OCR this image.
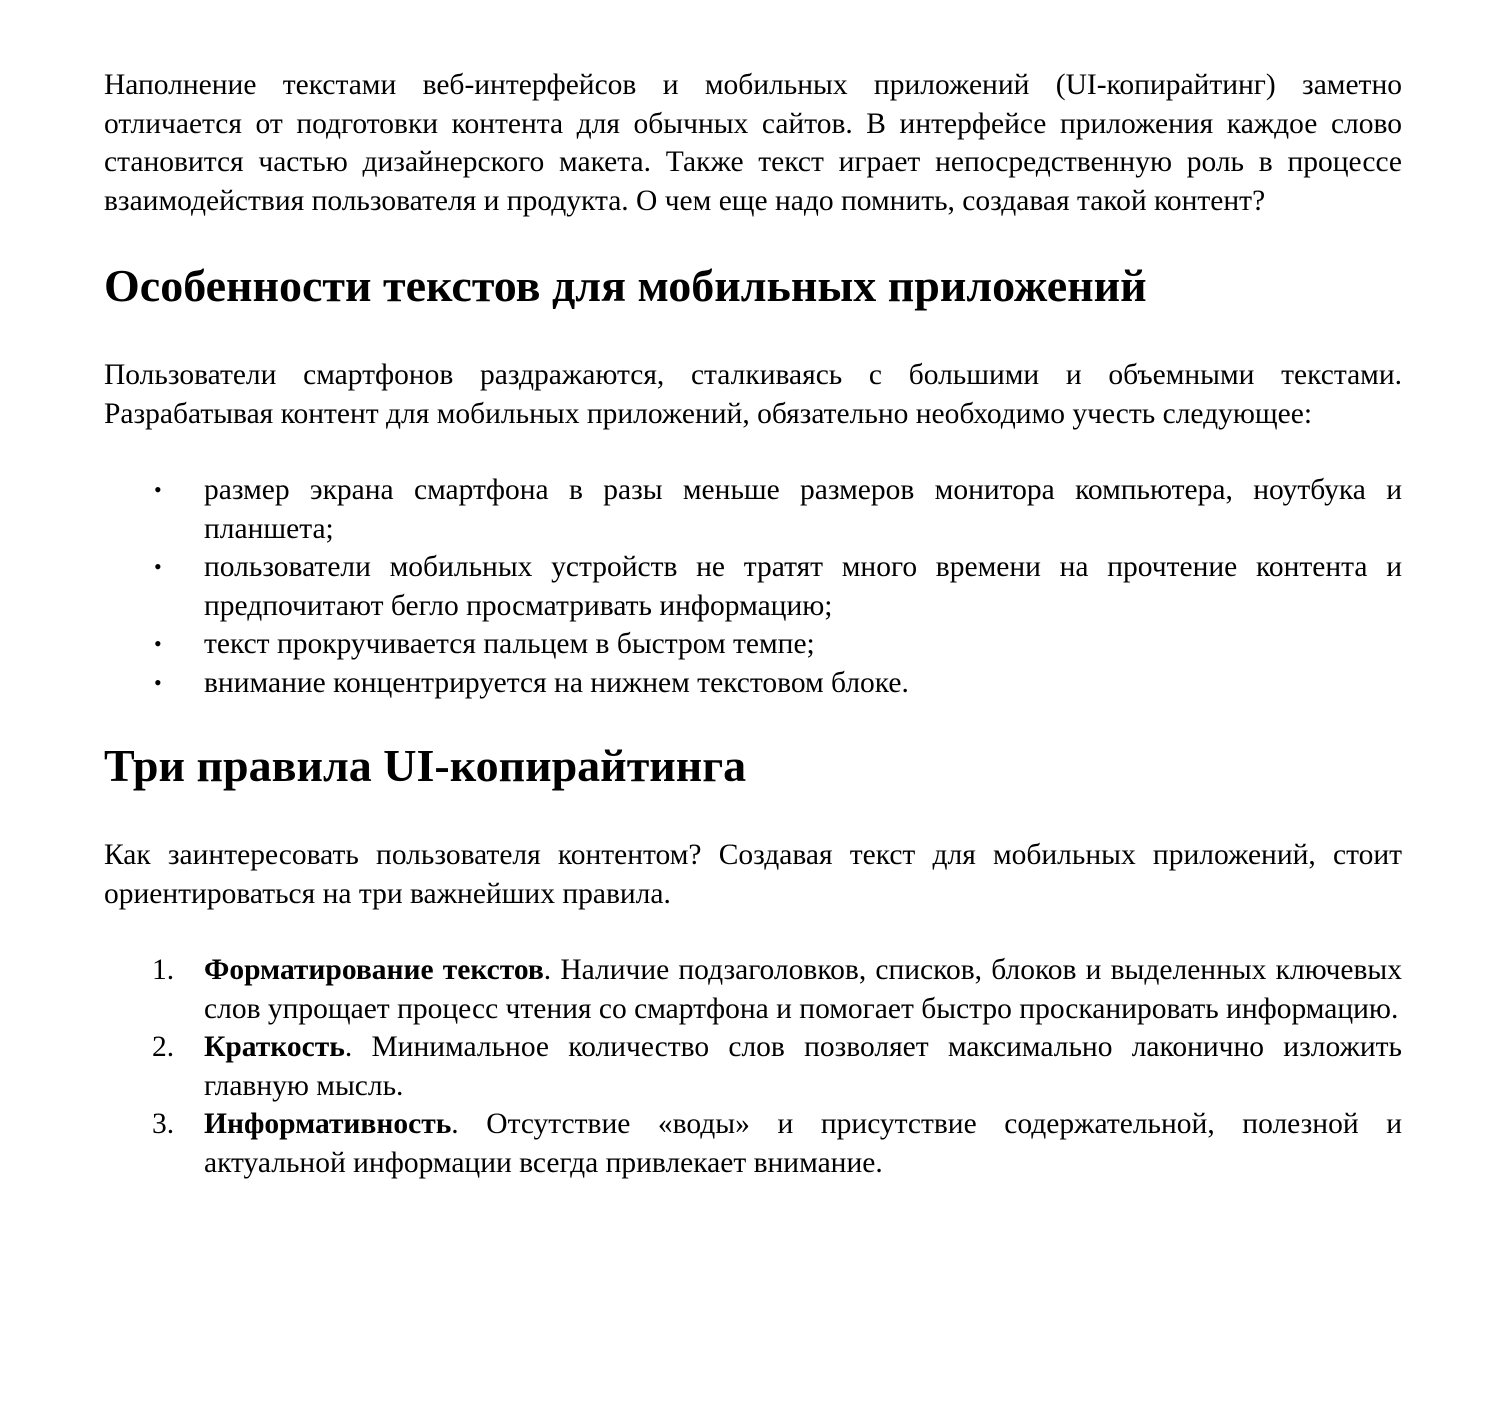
Наполнение текстами веб-интерфейсов и мобильных приложений (UI-копирайтинг) заметно отличается от подготовки контента для обычных сайтов. В интерфейсе приложения каждое слово становится частью дизайнерского макета. Также текст играет непосредственную роль в процессе взаимодействия пользователя и продукта. О чем еще надо помнить, создавая такой контент?

Особенности текстов для мобильных приложений

Пользователи смартфонов раздражаются, сталкиваясь с большими и объемными текстами. Разрабатывая контент для мобильных приложений, обязательно необходимо учесть следующее:

•	размер экрана смартфона в разы меньше размеров монитора компьютера, ноутбука и планшета;
•	пользователи мобильных устройств не тратят много времени на прочтение контента и предпочитают бегло просматривать информацию;
•	текст прокручивается пальцем в быстром темпе;
•	внимание концентрируется на нижнем текстовом блоке.
Три правила UI-копирайтинга

Как заинтересовать пользователя контентом? Создавая текст для мобильных приложений, стоит ориентироваться на три важнейших правила.

1.	Форматирование текстов. Наличие подзаголовков, списков, блоков и выделенных ключевых слов упрощает процесс чтения со смартфона и помогает быстро просканировать информацию.
2.	Краткость. Минимальное количество слов позволяет максимально лаконично изложить главную мысль.
3.	Информативность. Отсутствие «воды» и присутствие содержательной, полезной и актуальной информации всегда привлекает внимание.
